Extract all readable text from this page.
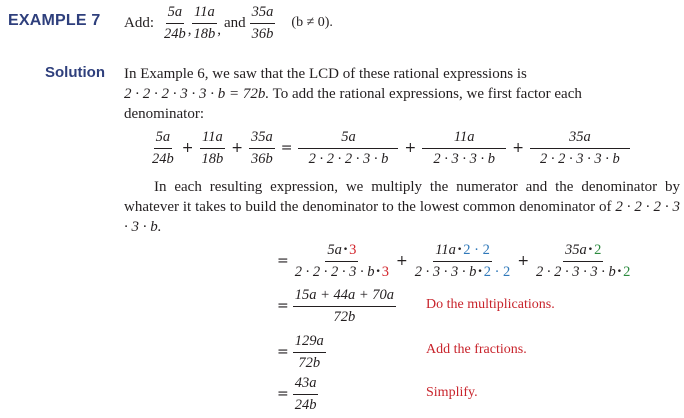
EXAMPLE 7 Add: $\frac{5a}{24b}$ , $\frac{11a}{18b}$ , and $\frac{35a}{36b} (b \ne 0)$.
Solution In Example 6, we saw that the LCD of these rational expressions is
2 · 2 · 2 · 3 · 3 · b = 72b. To add the rational expressions, we first factor each
denominator:
$\frac{5a}{24b} + \frac{11a}{18b} + \frac{35a}{36b} = \frac{5a}{2 \cdot 2 \cdot 2 \cdot 3 \cdot b} + \frac{11a}{2 \cdot 3 \cdot 3 \cdot b} + \frac{35a}{2 \cdot 2 \cdot 3 \cdot 3 \cdot b}$
In each resulting expression, we multiply the numerator and the denominator by whatever it takes to build the denominator to the lowest common denominator of 2 · 2 · 2 · 3 · 3 · b.
= $\frac{5a•3}{2 \cdot 2 \cdot 2 \cdot 3 \cdot b•3} + \frac{11a•2 \cdot 2}{2 \cdot 3 \cdot 3 \cdot b•2 \cdot 2} + \frac{35a•2}{2 \cdot 2 \cdot 3 \cdot 3 \cdot b•2}$
= $\frac{15a + 44a + 70a}{72b}$ Do the multiplications.
= $\frac{129a}{72b}$	Add the fractions.
= $\frac{43a}{24b}$	Simplify.
